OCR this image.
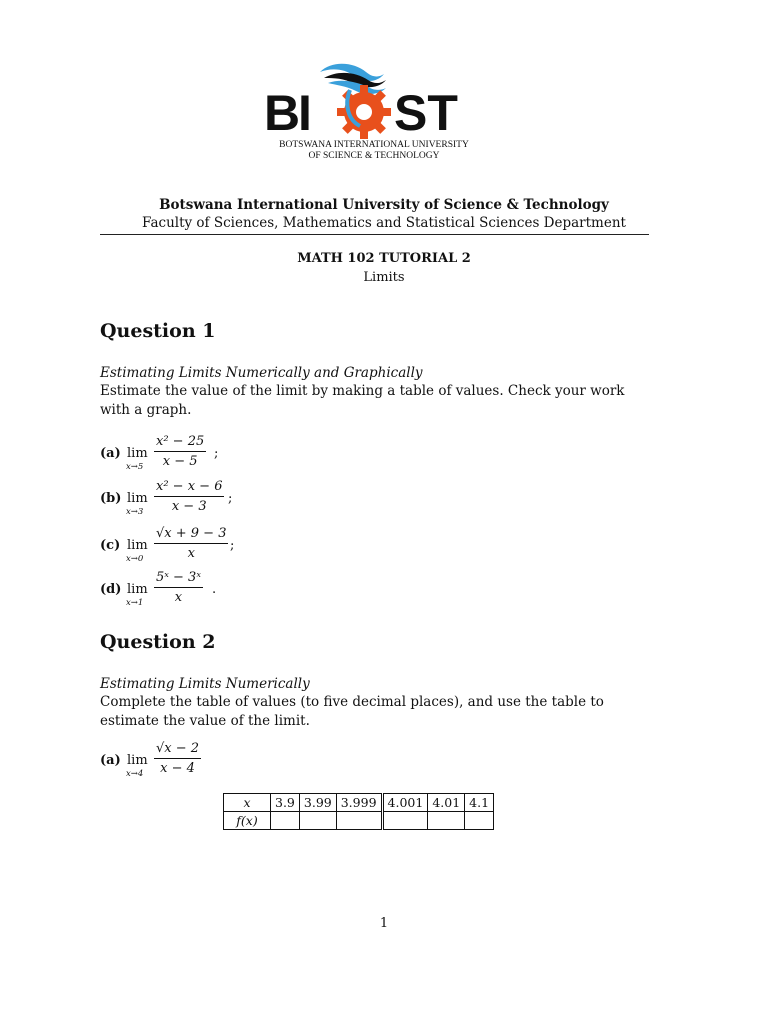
B
I ST
BOTSWANA INTERNATIONAL UNIVERSITY
OF SCIENCE & TECHNOLOGY
Botswana International University of Science & Technology
Faculty of Sciences, Mathematics and Statistical Sciences Department
MATH 102 TUTORIAL 2
Limits
Question 1
Estimating Limits Numerically and Graphically
Estimate the value of the limit by making a table of values. Check your work with a graph.
(a) lim
x→5
x² − 25
x − 5
;
(b) lim
x→3
x² − x − 6
x − 3
;
(c) lim
x→0
√x + 9 − 3
x
;
(d) lim
x→1
5ˣ − 3ˣ
x
.
Question 2
Estimating Limits Numerically
Complete the table of values (to five decimal places), and use the table to estimate the value of the limit.
(a) lim
x→4
√x − 2
x − 4
x	3.9	3.99	3.999	4.001	4.01	4.1
f(x)						
1
